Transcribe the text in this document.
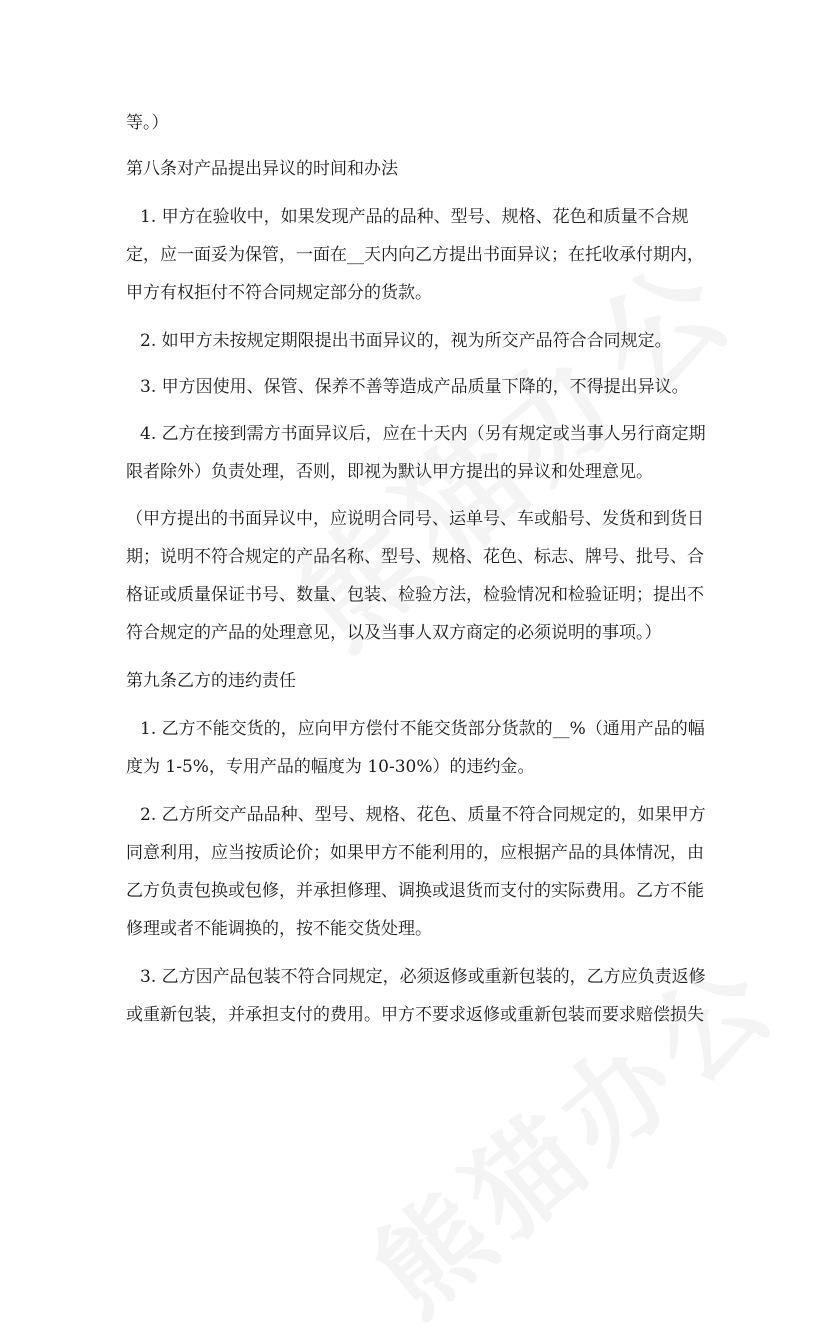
等。）
第八条对产品提出异议的时间和办法
1. 甲方在验收中，如果发现产品的品种、型号、规格、花色和质量不合规
定，应一面妥为保管，一面在__天内向乙方提出书面异议；在托收承付期内，
甲方有权拒付不符合同规定部分的货款。
2. 如甲方未按规定期限提出书面异议的，视为所交产品符合合同规定。
3. 甲方因使用、保管、保养不善等造成产品质量下降的，不得提出异议。
4. 乙方在接到需方书面异议后，应在十天内（另有规定或当事人另行商定期
限者除外）负责处理，否则，即视为默认甲方提出的异议和处理意见。
（甲方提出的书面异议中，应说明合同号、运单号、车或船号、发货和到货日
期；说明不符合规定的产品名称、型号、规格、花色、标志、牌号、批号、合
格证或质量保证书号、数量、包装、检验方法，检验情况和检验证明；提出不
符合规定的产品的处理意见，以及当事人双方商定的必须说明的事项。）
第九条乙方的违约责任
1. 乙方不能交货的，应向甲方偿付不能交货部分货款的__%（通用产品的幅
度为 1-5%，专用产品的幅度为 10-30%）的违约金。
2. 乙方所交产品品种、型号、规格、花色、质量不符合同规定的，如果甲方
同意利用，应当按质论价；如果甲方不能利用的，应根据产品的具体情况，由
乙方负责包换或包修，并承担修理、调换或退货而支付的实际费用。乙方不能
修理或者不能调换的，按不能交货处理。
3. 乙方因产品包装不符合同规定，必须返修或重新包装的，乙方应负责返修
或重新包装，并承担支付的费用。甲方不要求返修或重新包装而要求赔偿损失
